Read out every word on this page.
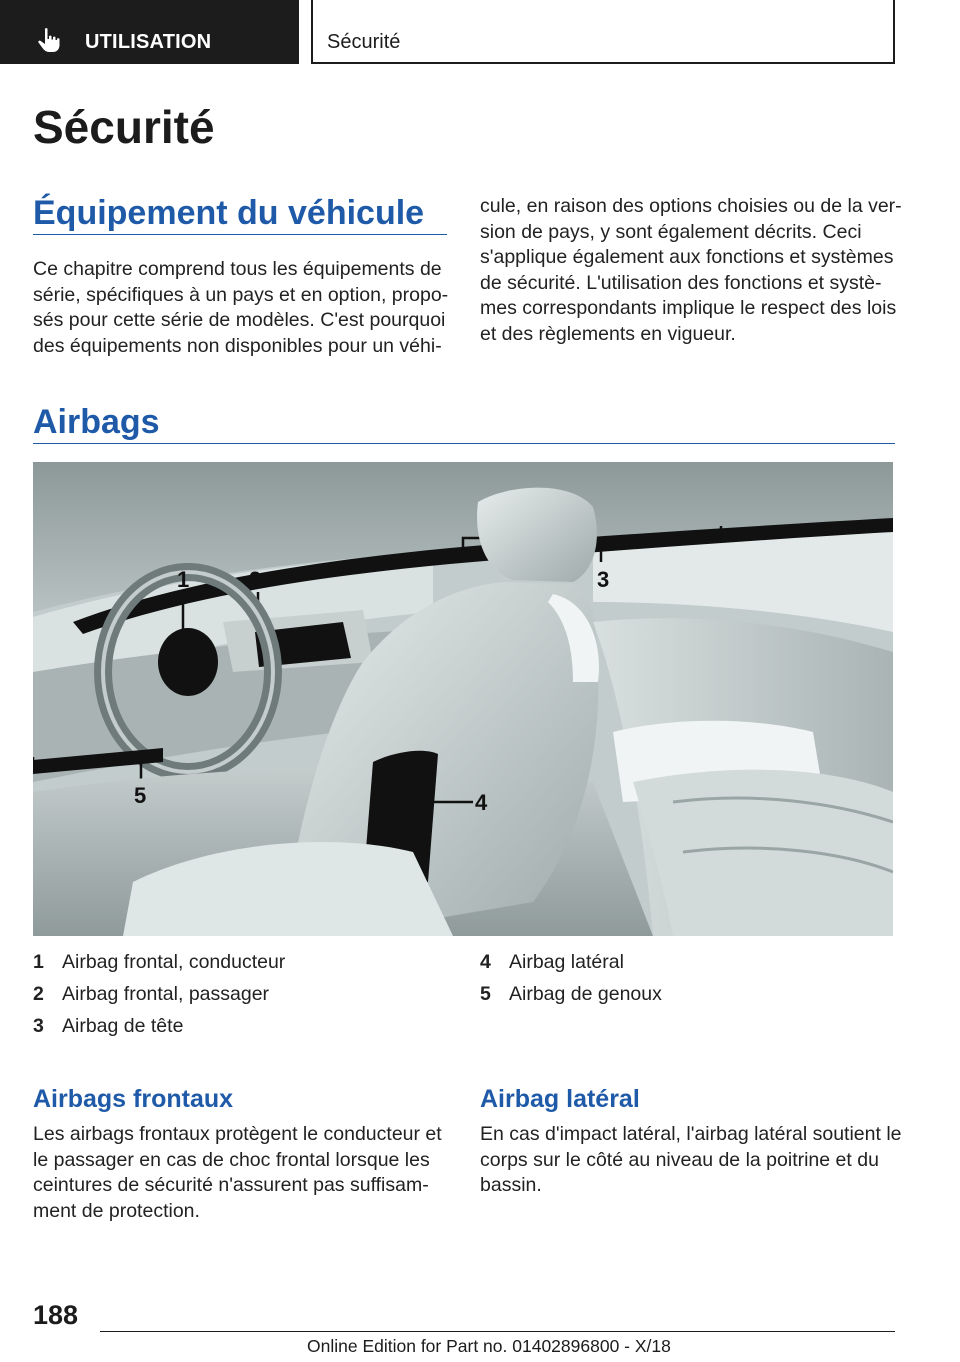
UTILISATION	Sécurité
Sécurité
Équipement du véhicule
Ce chapitre comprend tous les équipements de
série, spécifiques à un pays et en option, propo-
sés pour cette série de modèles. C'est pourquoi
des équipements non disponibles pour un véhi-
cule, en raison des options choisies ou de la ver-
sion de pays, y sont également décrits. Ceci
s'applique également aux fonctions et systèmes
de sécurité. L'utilisation des fonctions et systè-
mes correspondants implique le respect des lois
et des règlements en vigueur.
Airbags
1	2	3
4
5
1 Airbag frontal, conducteur
2 Airbag frontal, passager
3 Airbag de tête
4 Airbag latéral
5 Airbag de genoux
Airbags frontaux
Les airbags frontaux protègent le conducteur et
le passager en cas de choc frontal lorsque les
ceintures de sécurité n'assurent pas suffisam-
ment de protection.
Airbag latéral
En cas d'impact latéral, l'airbag latéral soutient le
corps sur le côté au niveau de la poitrine et du
bassin.
188
Online Edition for Part no. 01402896800 - X/18
